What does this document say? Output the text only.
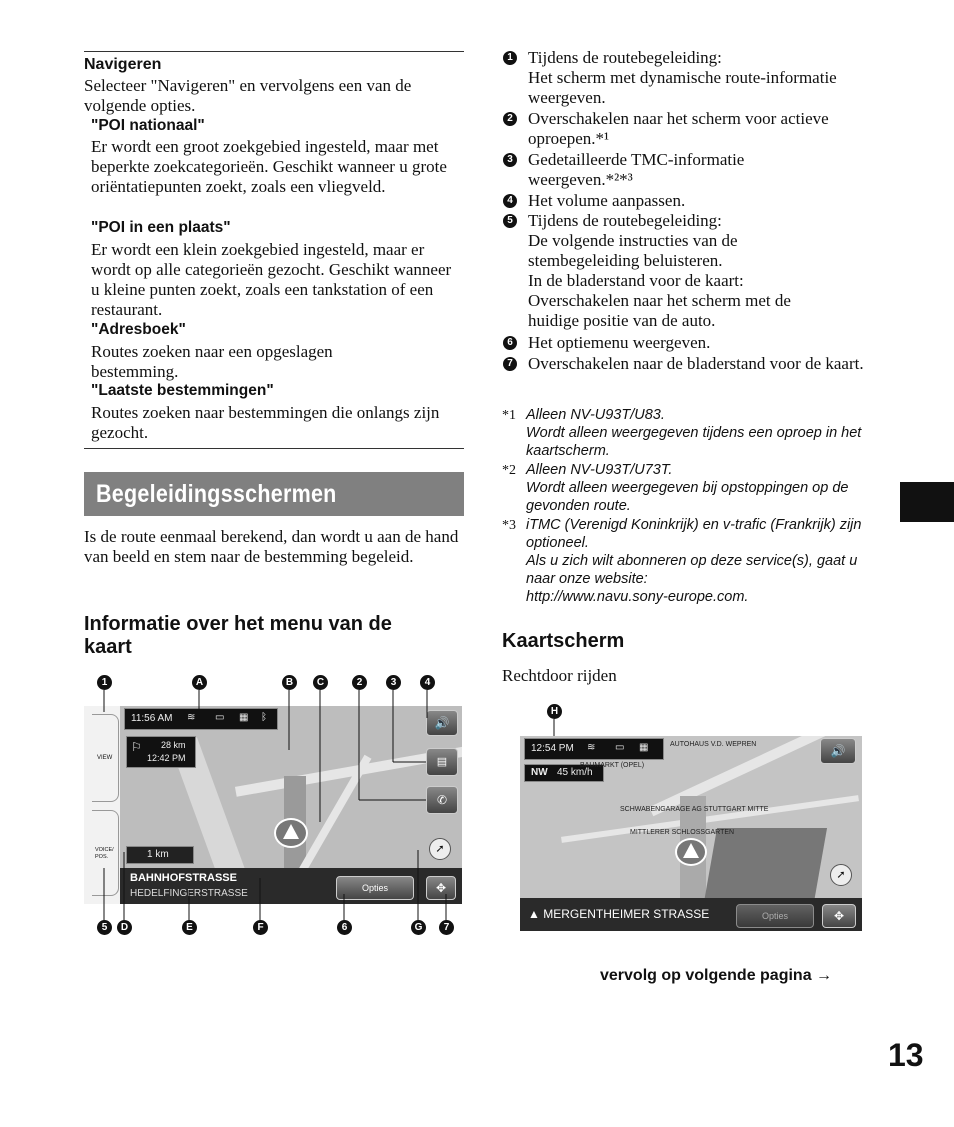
Navigeren
Selecteer "Navigeren" en vervolgens een van de volgende opties.
"POI nationaal"
Er wordt een groot zoekgebied ingesteld, maar met beperkte zoekcategorieën. Geschikt wanneer u grote oriëntatiepunten zoekt, zoals een vliegveld.
"POI in een plaats"
Er wordt een klein zoekgebied ingesteld, maar er wordt op alle categorieën gezocht. Geschikt wanneer u kleine punten zoekt, zoals een tankstation of een restaurant.
"Adresboek"
Routes zoeken naar een opgeslagen bestemming.
"Laatste bestemmingen"
Routes zoeken naar bestemmingen die onlangs zijn gezocht.
Begeleidingsschermen
Is de route eenmaal berekend, dan wordt u aan de hand van beeld en stem naar de bestemming begeleid.
Informatie over het menu van de kaart
1	A	B	C	2	3	4
VIEW
VOICE/
POS.
11:56 AM ≋ ▭ ▦ ᛒ
⚐ 28 km
12:42 PM
🔊
▤
✆
➚
1 km
BAHNHOFSTRASSE
HEDELFINGERSTRASSE	Opties	✥
5	D	E	F	6	G	7
1 Tijdens de routebegeleiding:
Het scherm met dynamische route-informatie weergeven.
2 Overschakelen naar het scherm voor actieve oproepen.*¹
3 Gedetailleerde TMC-informatie weergeven.*²*³
4 Het volume aanpassen.
5 Tijdens de routebegeleiding:
De volgende instructies van de stembegeleiding beluisteren.
In de bladerstand voor de kaart:
Overschakelen naar het scherm met de huidige positie van de auto.
6 Het optiemenu weergeven.
7 Overschakelen naar de bladerstand voor de kaart.
*1 Alleen NV-U93T/U83.
Wordt alleen weergegeven tijdens een oproep in het kaartscherm.
*2 Alleen NV-U93T/U73T.
Wordt alleen weergegeven bij opstoppingen op de gevonden route.
*3 iTMC (Verenigd Koninkrijk) en v-trafic (Frankrijk) zijn optioneel.
Als u zich wilt abonneren op deze service(s), gaat u naar onze website:
http://www.navu.sony-europe.com.
Kaartscherm
Rechtdoor rijden
H
12:54 PM ≋ ▭ ▦
NW 45 km/h
AUTOHAUS V.D. WEPREN
BAUMARKT (OPEL)
SCHWABENGARAGE AG STUTTGART MITTE
MITTLERER SCHLOSSGARTEN
🔊
➚
▲ MERGENTHEIMER STRASSE	Opties	✥
vervolg op volgende pagina →
13
